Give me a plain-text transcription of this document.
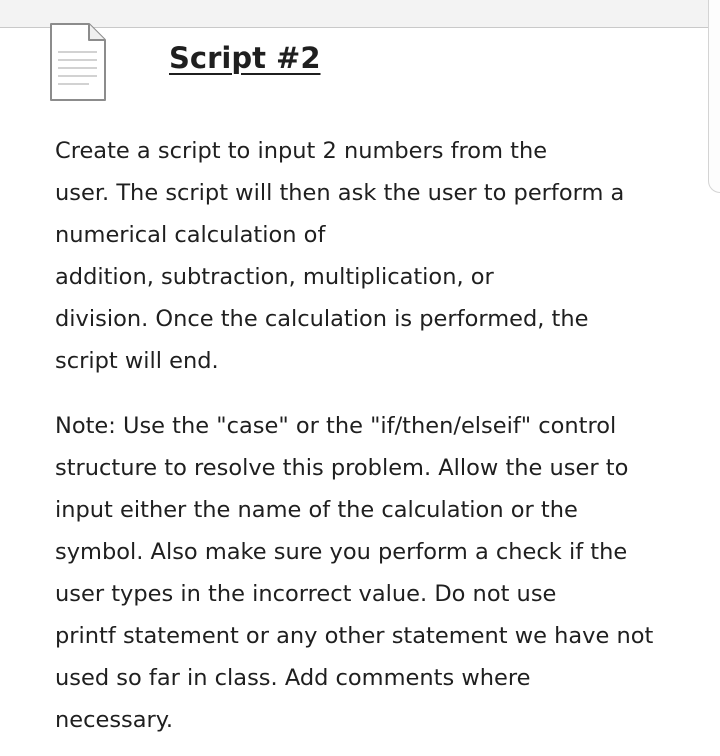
Script #2
Create a script to input 2 numbers from the
user. The script will then ask the user to perform a
numerical calculation of
addition, subtraction, multiplication, or
division. Once the calculation is performed, the
script will end.
Note: Use the "case" or the "if/then/elseif" control
structure to resolve this problem. Allow the user to
input either the name of the calculation or the
symbol. Also make sure you perform a check if the
user types in the incorrect value. Do not use
printf statement or any other statement we have not
used so far in class. Add comments where
necessary.
